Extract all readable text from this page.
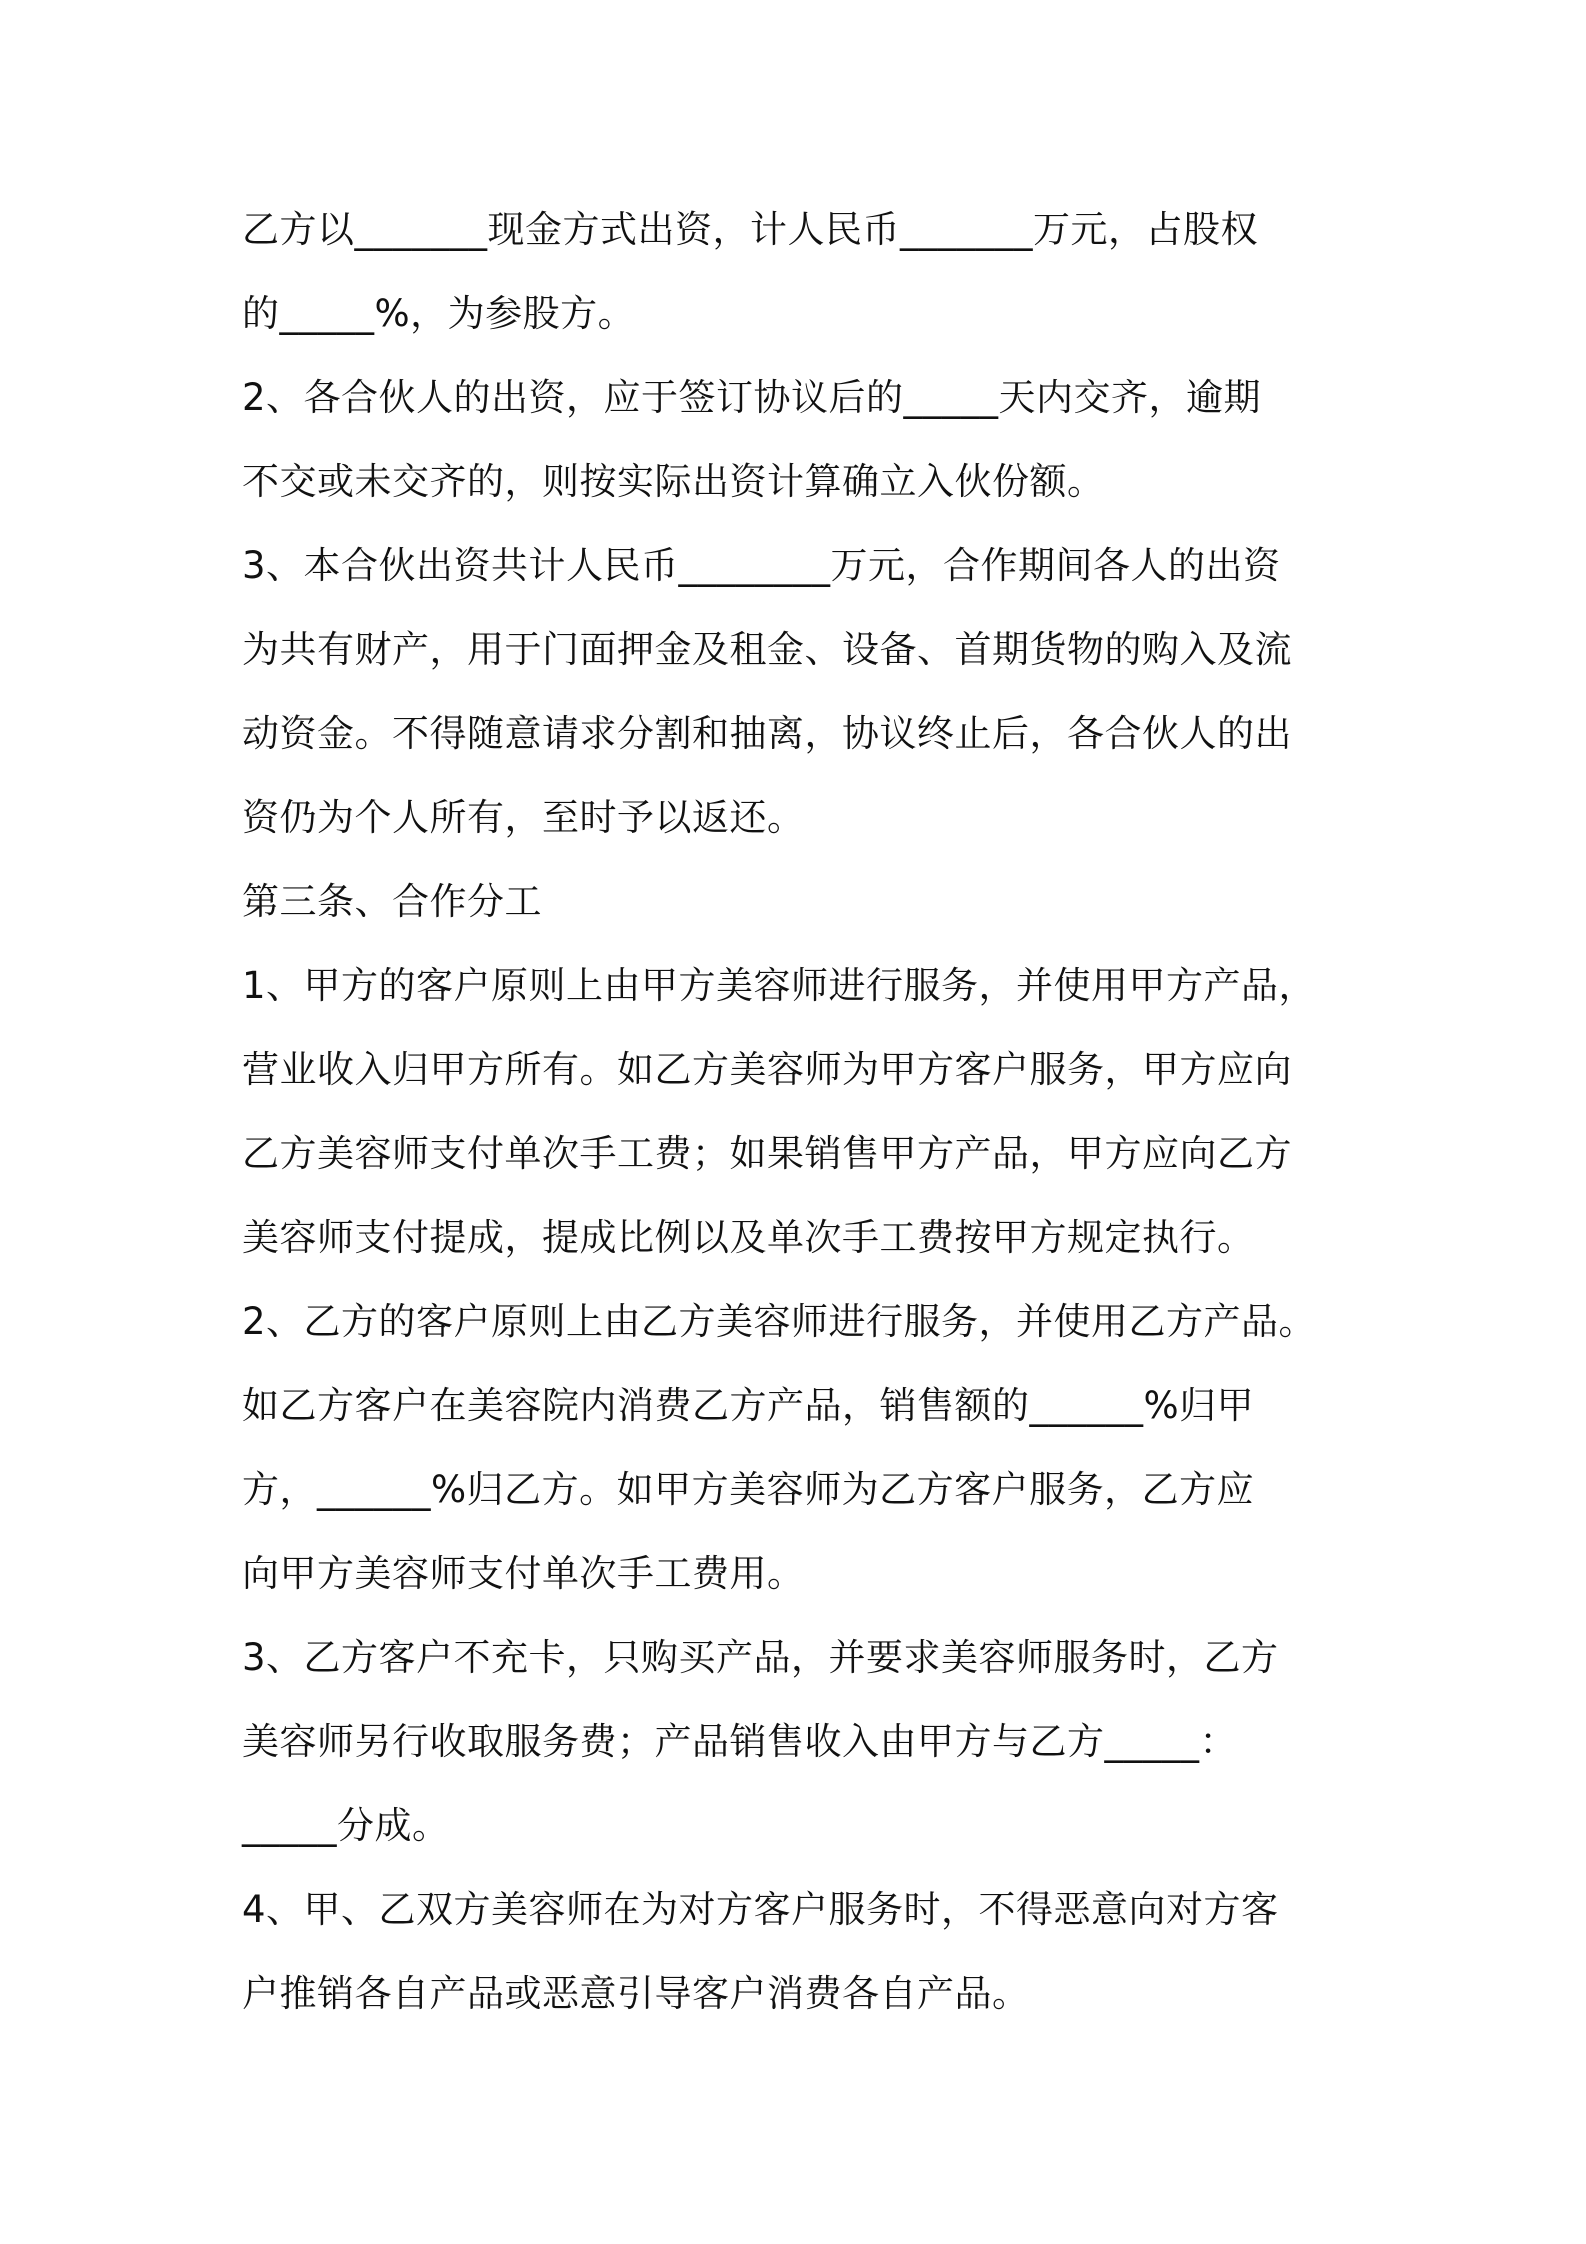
乙方以_______现金方式出资，计人民币_______万元，占股权
的_____%，为参股方。
2、各合伙人的出资，应于签订协议后的_____天内交齐，逾期
不交或未交齐的，则按实际出资计算确立入伙份额。
3、本合伙出资共计人民币________万元，合作期间各人的出资
为共有财产，用于门面押金及租金、设备、首期货物的购入及流
动资金。不得随意请求分割和抽离，协议终止后，各合伙人的出
资仍为个人所有，至时予以返还。
第三条、合作分工
1、甲方的客户原则上由甲方美容师进行服务，并使用甲方产品，
营业收入归甲方所有。如乙方美容师为甲方客户服务，甲方应向
乙方美容师支付单次手工费；如果销售甲方产品，甲方应向乙方
美容师支付提成，提成比例以及单次手工费按甲方规定执行。
2、乙方的客户原则上由乙方美容师进行服务，并使用乙方产品。
如乙方客户在美容院内消费乙方产品，销售额的______%归甲
方，______%归乙方。如甲方美容师为乙方客户服务，乙方应
向甲方美容师支付单次手工费用。
3、乙方客户不充卡，只购买产品，并要求美容师服务时，乙方
美容师另行收取服务费；产品销售收入由甲方与乙方_____：
_____分成。
4、甲、乙双方美容师在为对方客户服务时，不得恶意向对方客
户推销各自产品或恶意引导客户消费各自产品。
